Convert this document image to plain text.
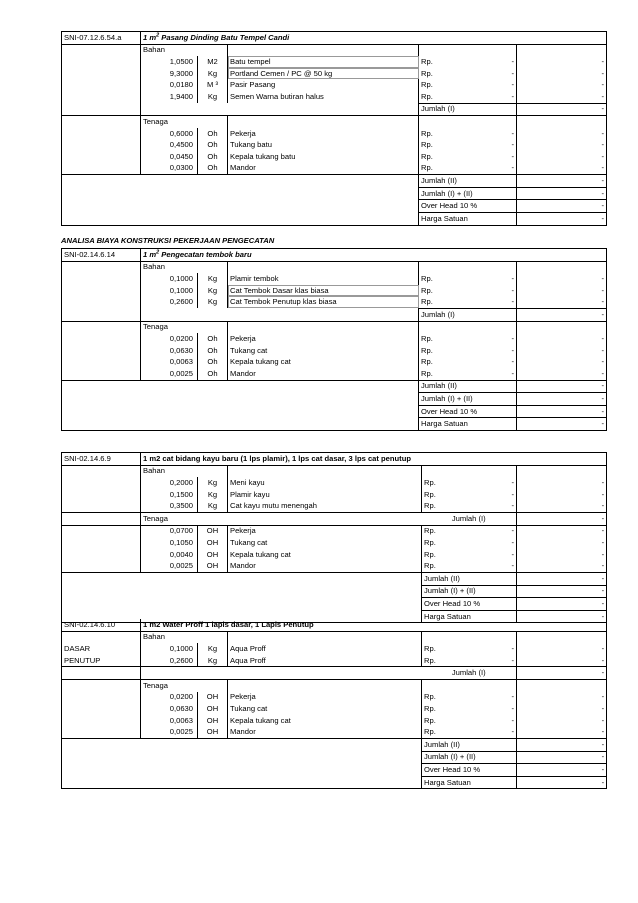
SNI-07.12.6.54.a	1 $m^2$ Pasang Dinding Batu Tempel Candi				
	Bahan				
	1,0500	M2	Batu tempel	Rp. -	-
	9,3000	Kg	Portland Cemen / PC @ 50 kg	Rp. -	-
	0,0180	M ³	Pasir Pasang	Rp. -	-
	1,9400	Kg	Semen Warna butiran halus	Rp. -	-
				Jumlah (I)	-
	Tenaga				
	0,6000	Oh	Pekerja	Rp. -	-
	0,4500	Oh	Tukang batu	Rp. -	-
	0,0450	Oh	Kepala tukang batu	Rp. -	-
	0,0300	Oh	Mandor	Rp. -	-
				Jumlah (II)	-
				Jumlah (I) + (II)	-
				Over Head 10 %	-
				Harga Satuan	-
ANALISA BIAYA KONSTRUKSI PEKERJAAN PENGECATAN
SNI-02.14.6.14	1 $m^2$ Pengecatan tembok baru				
	Bahan				
	0,1000	Kg	Plamir tembok	Rp. -	-
	0,1000	Kg	Cat Tembok Dasar klas biasa	Rp. -	-
	0,2600	Kg	Cat Tembok Penutup klas biasa	Rp. -	-
				Jumlah (I)	-
	Tenaga				
	0,0200	Oh	Pekerja	Rp. -	-
	0,0630	Oh	Tukang cat	Rp. -	-
	0,0063	Oh	Kepala tukang cat	Rp. -	-
	0,0025	Oh	Mandor	Rp. -	-
				Jumlah (II)	-
				Jumlah (I) + (II)	-
				Over Head 10 %	-
				Harga Satuan	-
SNI-02.14.6.9	1 m2 cat bidang kayu baru (1 lps plamir), 1 lps cat dasar, 3 lps cat penutup				
	Bahan				
	0,2000	Kg	Meni kayu	Rp. -	-
	0,1500	Kg	Plamir kayu	Rp. -	-
	0,3500	Kg	Cat kayu mutu menengah	Rp. -	-
	Tenaga			Jumlah (I)	-
	0,0700	OH	Pekerja	Rp. -	-
	0,1050	OH	Tukang cat	Rp. -	-
	0,0040	OH	Kepala tukang cat	Rp. -	-
	0,0025	OH	Mandor	Rp. -	-
				Jumlah (II)	-
				Jumlah (I) + (II)	-
				Over Head 10 %	-
				Harga Satuan	-
SNI-02.14.6.10	1 m2 Water Proff 1 lapis dasar, 1 Lapis Penutup				
	Bahan				
DASAR	0,1000	Kg	Aqua Proff	Rp. -	-
PENUTUP	0,2600	Kg	Aqua Proff	Rp. -	-
				Jumlah (I)	-
	Tenaga				
	0,0200	OH	Pekerja	Rp. -	-
	0,0630	OH	Tukang cat	Rp. -	-
	0,0063	OH	Kepala tukang cat	Rp. -	-
	0,0025	OH	Mandor	Rp. -	-
				Jumlah (II)	-
				Jumlah (I) + (II)	-
				Over Head 10 %	-
				Harga Satuan	-
